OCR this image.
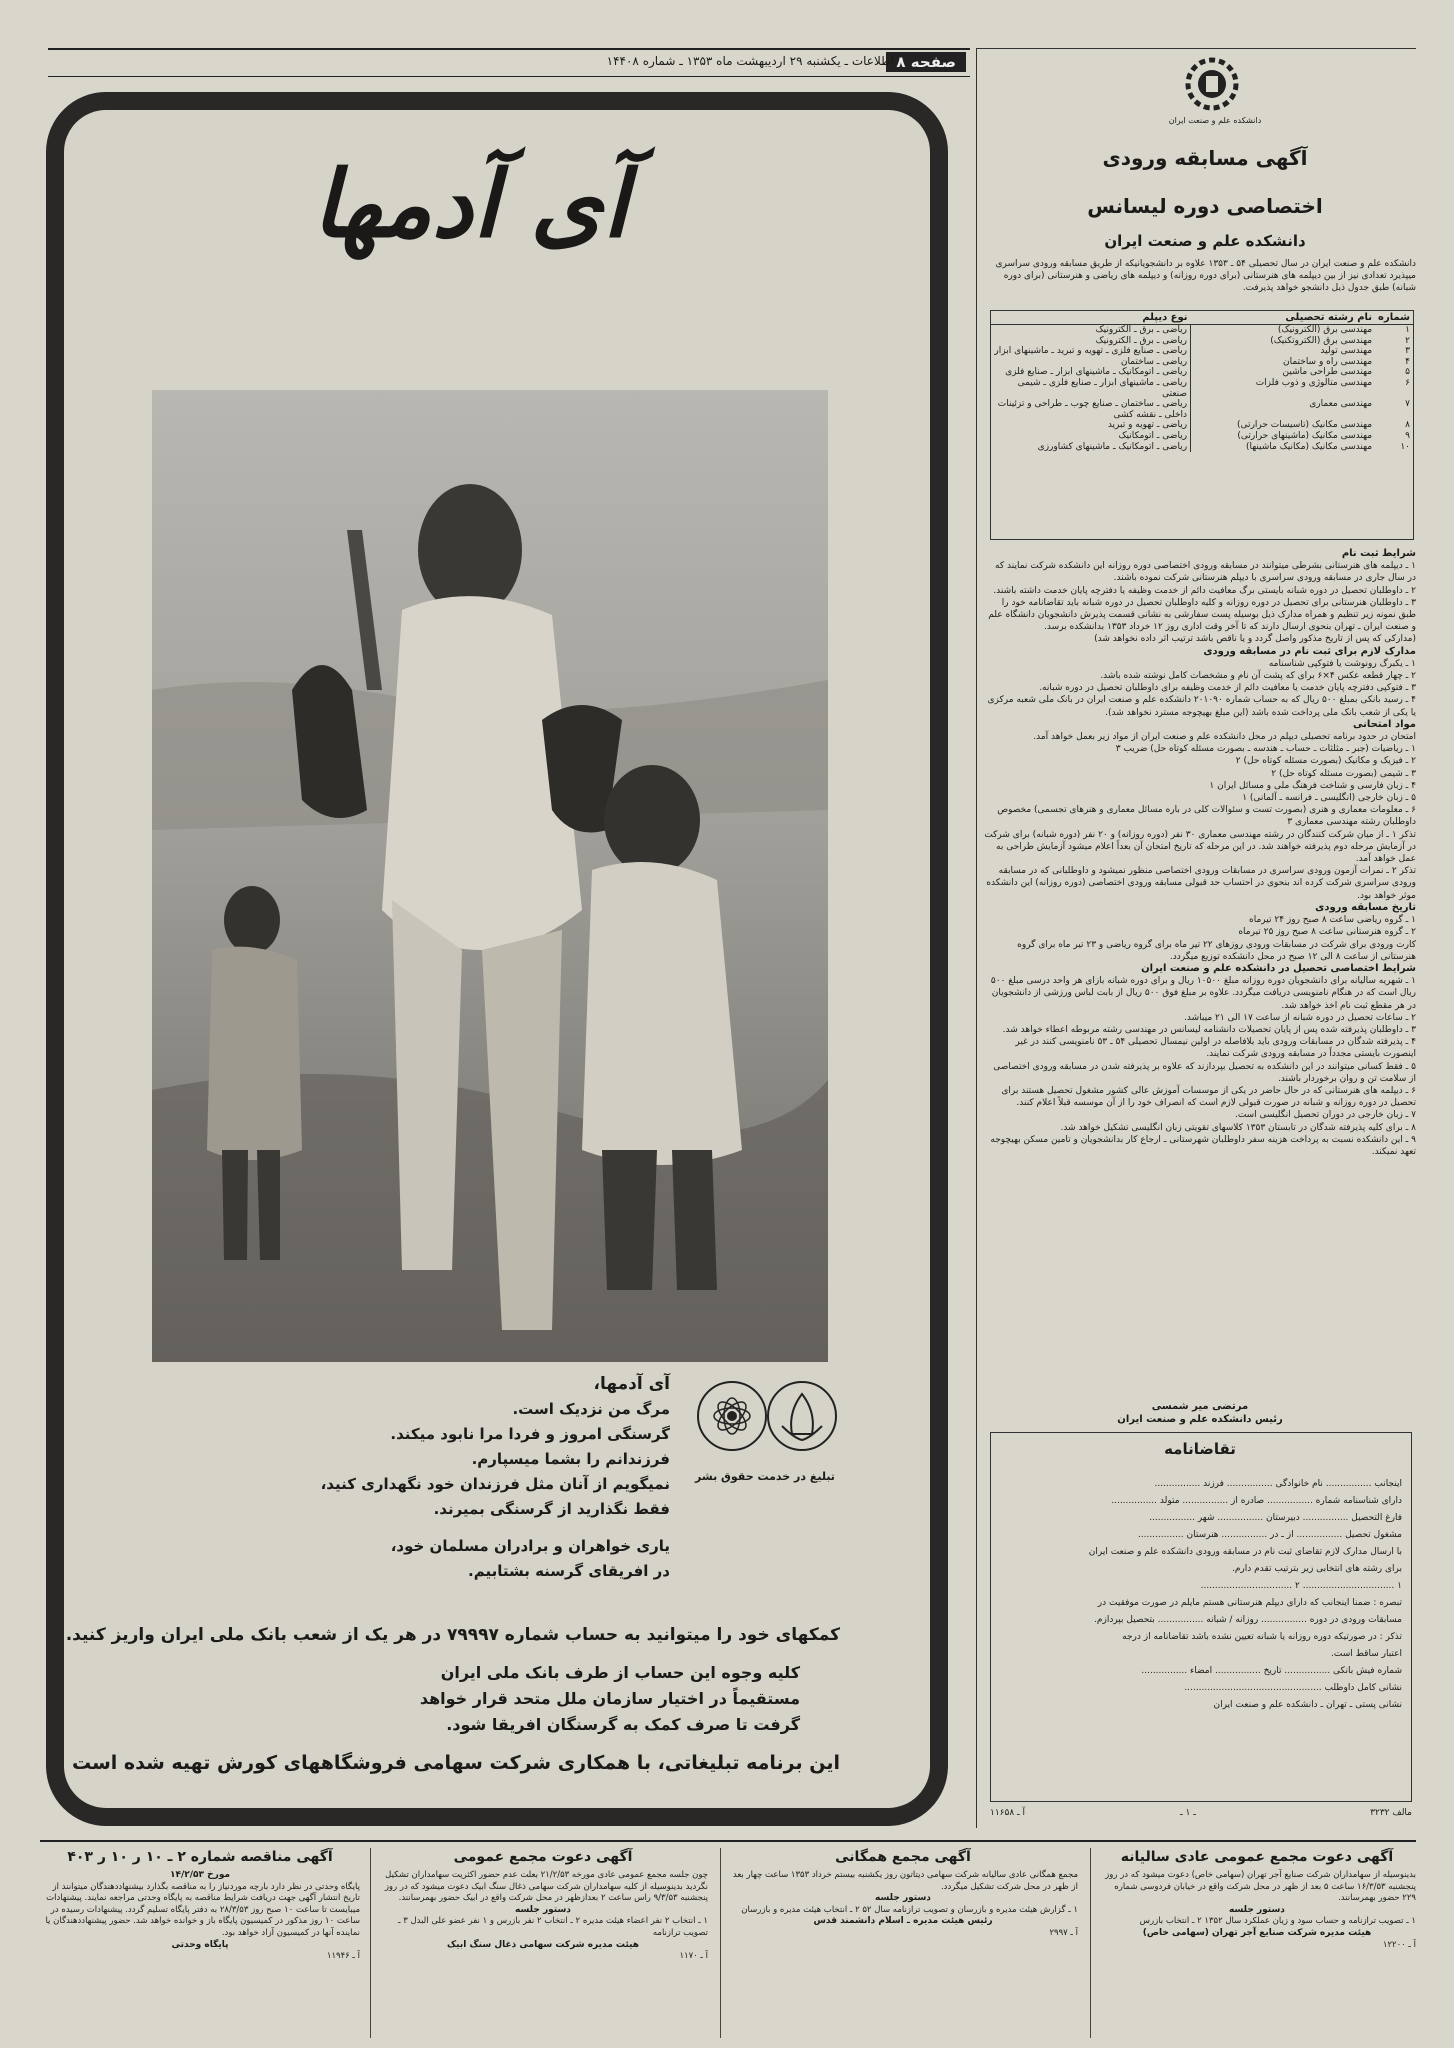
صفحه ۸
اطلاعات ـ یکشنبه ۲۹ اردیبهشت ماه ۱۳۵۳ ـ شماره ۱۴۴۰۸
آی آدمها
آی آدمها،
مرگ من نزدیک است.
گرسنگی امروز و فردا مرا نابود میکند.
فرزندانم را بشما میسپارم.
نمیگویم از آنان مثل فرزندان خود نگهداری کنید،
فقط نگذارید از گرسنگی بمیرند.
یاری خواهران و برادران مسلمان خود،
در افریقای گرسنه بشتابیم.
تبلیغ در خدمت حقوق بشر
کمکهای خود را میتوانید به حساب شماره ۷۹۹۹۷ در هر یک از شعب بانک ملی ایران واریز کنید.
کلیه وجوه این حساب از طرف بانک ملی ایران
مستقیماً در اختیار سازمان ملل متحد قرار خواهد
گرفت تا صرف کمک به گرسنگان افریقا شود.
این برنامه تبلیغاتی، با همکاری شرکت سهامی فروشگاههای کورش تهیه شده است
دانشکده علم و صنعت ایران
آگهی مسابقه ورودی
اختصاصی دوره لیسانس
دانشکده علم و صنعت ایران
دانشکده علم و صنعت ایران در سال تحصیلی ۵۴ ـ ۱۳۵۳ علاوه بر دانشجویانیکه از طریق مسابقه ورودی سراسری میپذیرد تعدادی نیز از بین دیپلمه های هنرستانی (برای دوره روزانه) و دیپلمه های ریاضی و هنرستانی (برای دوره شبانه) طبق جدول ذیل دانشجو خواهد پذیرفت.
شماره	نام رشته تحصیلی	نوع دیپلم
۱	مهندسی برق (الکترونیک)	ریاضی ـ برق ـ الکترونیک
۲	مهندسی برق (الکتروتکنیک)	ریاضی ـ برق ـ الکترونیک
۳	مهندسی تولید	ریاضی ـ صنایع فلزی ـ تهویه و تبرید ـ ماشینهای ابزار
۴	مهندسی راه و ساختمان	ریاضی ـ ساختمان
۵	مهندسی طراحی ماشین	ریاضی ـ اتومکانیک ـ ماشینهای ابزار ـ صنایع فلزی
۶	مهندسی متالوژی و ذوب فلزات	ریاضی ـ ماشینهای ابزار ـ صنایع فلزی ـ شیمی صنعتی
۷	مهندسی معماری	ریاضی ـ ساختمان ـ صنایع چوب ـ طراحی و تزئینات داخلی ـ نقشه کشی
۸	مهندسی مکانیک (تاسیسات حرارتی)	ریاضی ـ تهویه و تبرید
۹	مهندسی مکانیک (ماشینهای حرارتی)	ریاضی ـ اتومکانیک
۱۰	مهندسی مکانیک (مکانیک ماشینها)	ریاضی ـ اتومکانیک ـ ماشینهای کشاورزی
شرایط ثبت نام
۱ ـ دیپلمه های هنرستانی بشرطی میتوانند در مسابقه ورودی اختصاصی دوره روزانه این دانشکده شرکت نمایند که در سال جاری در مسابقه ورودی سراسری با دیپلم هنرستانی شرکت نموده باشند.
۲ ـ داوطلبان تحصیل در دوره شبانه بایستی برگ معافیت دائم از خدمت وظیفه یا دفترچه پایان خدمت داشته باشند.
۳ ـ داوطلبان هنرستانی برای تحصیل در دوره روزانه و کلیه داوطلبان تحصیل در دوره شبانه باید تقاضانامه خود را طبق نمونه زیر تنظیم و همراه مدارک ذیل بوسیله پست سفارشی به نشانی قسمت پذیرش دانشجویان دانشگاه علم و صنعت ایران ـ تهران بنحوی ارسال دارند که تا آخر وقت اداری روز ۱۲ خرداد ۱۳۵۳ بدانشکده برسد.
(مدارکی که پس از تاریخ مذکور واصل گردد و یا ناقص باشد ترتیب اثر داده نخواهد شد)
مدارک لازم برای ثبت نام در مسابقه ورودی
۱ ـ یکبرگ رونوشت یا فتوکپی شناسنامه
۲ ـ چهار قطعه عکس ۴×۶ برای که پشت آن نام و مشخصات کامل نوشته شده باشد.
۳ ـ فتوکپی دفترچه پایان خدمت یا معافیت دائم از خدمت وظیفه برای داوطلبان تحصیل در دوره شبانه.
۴ ـ رسید بانکی بمبلغ ۵۰۰ ریال که به حساب شماره ۲۰۱۰۹۰ دانشکده علم و صنعت ایران در بانک ملی شعبه مرکزی یا یکی از شعب بانک ملی پرداخت شده باشد (این مبلغ بهیچوجه مسترد نخواهد شد).
مواد امتحانی
امتحان در حدود برنامه تحصیلی دیپلم در محل دانشکده علم و صنعت ایران از مواد زیر بعمل خواهد آمد.
۱ ـ ریاضیات (جبر ـ مثلثات ـ حساب ـ هندسه ـ بصورت مسئله کوتاه حل) ضریب ۳
۲ ـ فیزیک و مکانیک (بصورت مسئله کوتاه حل) ۲
۳ ـ شیمی (بصورت مسئله کوتاه حل) ۲
۴ ـ زبان فارسی و شناخت فرهنگ ملی و مسائل ایران ۱
۵ ـ زبان خارجی (انگلیسی ـ فرانسه ـ آلمانی) ۱
۶ ـ معلومات معماری و هنری (بصورت تست و سئوالات کلی در باره مسائل معماری و هنرهای تجسمی) مخصوص داوطلبان رشته مهندسی معماری ۳
تذکر ۱ ـ از میان شرکت کنندگان در رشته مهندسی معماری ۳۰ نفر (دوره روزانه) و ۲۰ نفر (دوره شبانه) برای شرکت در آزمایش مرحله دوم پذیرفته خواهند شد. در این مرحله که تاریخ امتحان آن بعداً اعلام میشود آزمایش طراحی به عمل خواهد آمد.
تذکر ۲ ـ نمرات آزمون ورودی سراسری در مسابقات ورودی اختصاصی منظور نمیشود و داوطلبانی که در مسابقه ورودی سراسری شرکت کرده اند بنحوی در احتساب حد قبولی مسابقه ورودی اختصاصی (دوره روزانه) این دانشکده موثر خواهد بود.
تاریخ مسابقه ورودی
۱ ـ گروه ریاضی ساعت ۸ صبح روز ۲۴ تیرماه
۲ ـ گروه هنرستانی ساعت ۸ صبح روز ۲۵ تیرماه
کارت ورودی برای شرکت در مسابقات ورودی روزهای ۲۲ تیر ماه برای گروه ریاضی و ۲۳ تیر ماه برای گروه هنرستانی از ساعت ۸ الی ۱۲ صبح در محل دانشکده توزیع میگردد.
شرایط اختصاصی تحصیل در دانشکده علم و صنعت ایران
۱ ـ شهریه سالیانه برای دانشجویان دوره روزانه مبلغ ۱۰۵۰۰ ریال و برای دوره شبانه بازای هر واحد درسی مبلغ ۵۰۰ ریال است که در هنگام نامنویسی دریافت میگردد. علاوه بر مبلغ فوق ۵۰۰ ریال از بابت لباس ورزشی از دانشجویان در هر مقطع ثبت نام اخذ خواهد شد.
۲ ـ ساعات تحصیل در دوره شبانه از ساعت ۱۷ الی ۲۱ میباشد.
۳ ـ داوطلبان پذیرفته شده پس از پایان تحصیلات دانشنامه لیسانس در مهندسی رشته مربوطه اعطاء خواهد شد.
۴ ـ پذیرفته شدگان در مسابقات ورودی باید بلافاصله در اولین نیمسال تحصیلی ۵۴ ـ ۵۳ نامنویسی کنند در غیر اینصورت بایستی مجدداً در مسابقه ورودی شرکت نمایند.
۵ ـ فقط کسانی میتوانند در این دانشکده به تحصیل بپردازند که علاوه بر پذیرفته شدن در مسابقه ورودی اختصاصی از سلامت تن و روان برخوردار باشند.
۶ ـ دیپلمه های هنرستانی که در حال حاضر در یکی از موسسات آموزش عالی کشور مشغول تحصیل هستند برای تحصیل در دوره روزانه و شبانه در صورت قبولی لازم است که انصراف خود را از آن موسسه قبلاً اعلام کنند.
۷ ـ زبان خارجی در دوران تحصیل انگلیسی است.
۸ ـ برای کلیه پذیرفته شدگان در تابستان ۱۳۵۳ کلاسهای تقویتی زبان انگلیسی تشکیل خواهد شد.
۹ ـ این دانشکده نسبت به پرداخت هزینه سفر داوطلبان شهرستانی ـ ارجاع کار بدانشجویان و تامین مسکن بهیچوجه تعهد نمیکند.
مرتضی میر شمسی
رئیس دانشکده علم و صنعت ایران
تقاضانامه
اینجانب ................ نام خانوادگی ................ فرزند ................
دارای شناسنامه شماره ................ صادره از ................ متولد ................
فارغ التحصیل ................ دبیرستان ................ شهر ................
مشغول تحصیل ................ از ـ در ................ هنرستان ................
با ارسال مدارک لازم تقاضای ثبت نام در مسابقه ورودی دانشکده علم و صنعت ایران
برای رشته های انتخابی زیر بترتیب تقدم دارم.
۱ ................................ ۲ ................................
تبصره : ضمنا اینجانب که دارای دیپلم هنرستانی هستم مایلم در صورت موفقیت در
مسابقات ورودی در دوره ................ روزانه / شبانه ................ بتحصیل بپردازم.
تذکر : در صورتیکه دوره روزانه یا شبانه تعیین نشده باشد تقاضانامه از درجه
اعتبار ساقط است.
شماره فیش بانکی ................ تاریخ ................ امضاء ................
نشانی کامل داوطلب ................................................
نشانی پستی ـ تهران ـ دانشکده علم و صنعت ایران
مالف ۳۲۳۲
ـ ۱ ـ
آ ـ ۱۱۶۵۸
آگهی دعوت مجمع عمومی عادی سالیانه
بدینوسیله از سهامداران شرکت صنایع آجر تهران (سهامی خاص) دعوت میشود که در روز پنجشنبه ۱۶/۳/۵۳ ساعت ۵ بعد از ظهر در محل شرکت واقع در خیابان فردوسی شماره ۲۲۹ حضور بهمرسانند.
دستور جلسه
۱ ـ تصویب ترازنامه و حساب سود و زیان عملکرد سال ۱۳۵۲ ۲ ـ انتخاب بازرس
هیئت مدیره شرکت صنایع آجر تهران (سهامی خاص)
آ ـ ۱۲۲۰۰
آگهی مجمع همگانی
مجمع همگانی عادی سالیانه شرکت سهامی دیتاتون روز یکشنبه بیستم خرداد ۱۳۵۳ ساعت چهار بعد از ظهر در محل شرکت تشکیل میگردد.
دستور جلسه
۱ ـ گزارش هیئت مدیره و بازرسان و تصویب ترازنامه سال ۵۲ ۲ ـ انتخاب هیئت مدیره و بازرسان
رئیس هیئت مدیره ـ اسلام دانشمند قدس
آ ـ ۲۹۹۷
آگهی دعوت مجمع عمومی
چون جلسه مجمع عمومی عادی مورخه ۲۱/۲/۵۳ بعلت عدم حضور اکثریت سهامداران تشکیل نگردید بدینوسیله از کلیه سهامداران شرکت سهامی ذغال سنگ ابیک دعوت میشود که در روز پنجشنبه ۹/۳/۵۳ راس ساعت ۲ بعدازظهر در محل شرکت واقع در ابیک حضور بهمرسانند.
دستور جلسه
۱ ـ انتخاب ۲ نفر اعضاء هیئت مدیره ۲ ـ انتخاب ۲ نفر بازرس و ۱ نفر عضو علی البدل ۳ ـ تصویب ترازنامه
هیئت مدیره شرکت سهامی ذغال سنگ ابیک
آ ـ ۱۱۷۰
آگهی مناقصه شماره ۲ ـ ۱۰ ر ۱۰ ر ۴۰۳
مورخ ۱۴/۲/۵۳
پایگاه وحدتی در نظر دارد بارچه موردنیاز را به مناقصه بگذارد بیشنهاددهندگان میتوانند از تاریخ انتشار آگهی جهت دریافت شرایط مناقصه به پایگاه وحدتی مراجعه نمایند. پیشنهادات میبایست تا ساعت ۱۰ صبح روز ۲۸/۳/۵۳ به دفتر پایگاه تسلیم گردد. پیشنهادات رسیده در ساعت ۱۰ روز مذکور در کمیسیون پایگاه باز و خوانده خواهد شد. حضور پیشنهاددهندگان یا نماینده آنها در کمیسیون آزاد خواهد بود.
پایگاه وحدتی
آ ـ ۱۱۹۴۶
